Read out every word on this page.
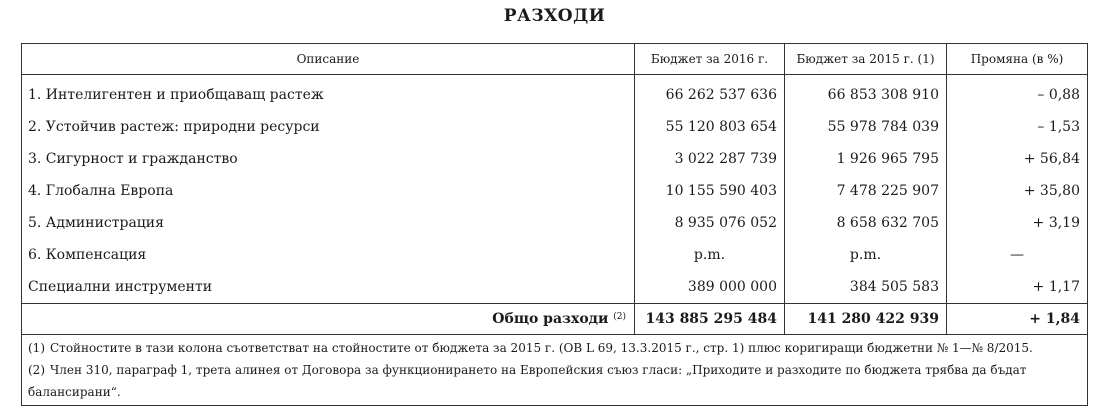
РАЗХОДИ
Описание	Бюджет за 2016 г.	Бюджет за 2015 г. (1)	Промяна (в %)
1. Интелигентен и приобщаващ растеж	66 262 537 636	66 853 308 910	– 0,88
2. Устойчив растеж: природни ресурси	55 120 803 654	55 978 784 039	– 1,53
3. Сигурност и гражданство	3 022 287 739	1 926 965 795	+ 56,84
4. Глобална Европа	10 155 590 403	7 478 225 907	+ 35,80
5. Администрация	8 935 076 052	8 658 632 705	+ 3,19
6. Компенсация	p.m.	p.m.	—
Специални инструменти	389 000 000	384 505 583	+ 1,17
Общо разходи $^{(2)}$	143 885 295 484	141 280 422 939	+ 1,84

(1) Стойностите в тази колона съответстват на стойностите от бюджета за 2015 г. (OB L 69, 13.3.2015 г., стр. 1) плюс коригиращи бюджетни № 1—№ 8/2015.
(2) Член 310, параграф 1, трета алинея от Договора за функционирането на Европейския съюз гласи: „Приходите и разходите по бюджета трябва да бъдат балансирани“.			
